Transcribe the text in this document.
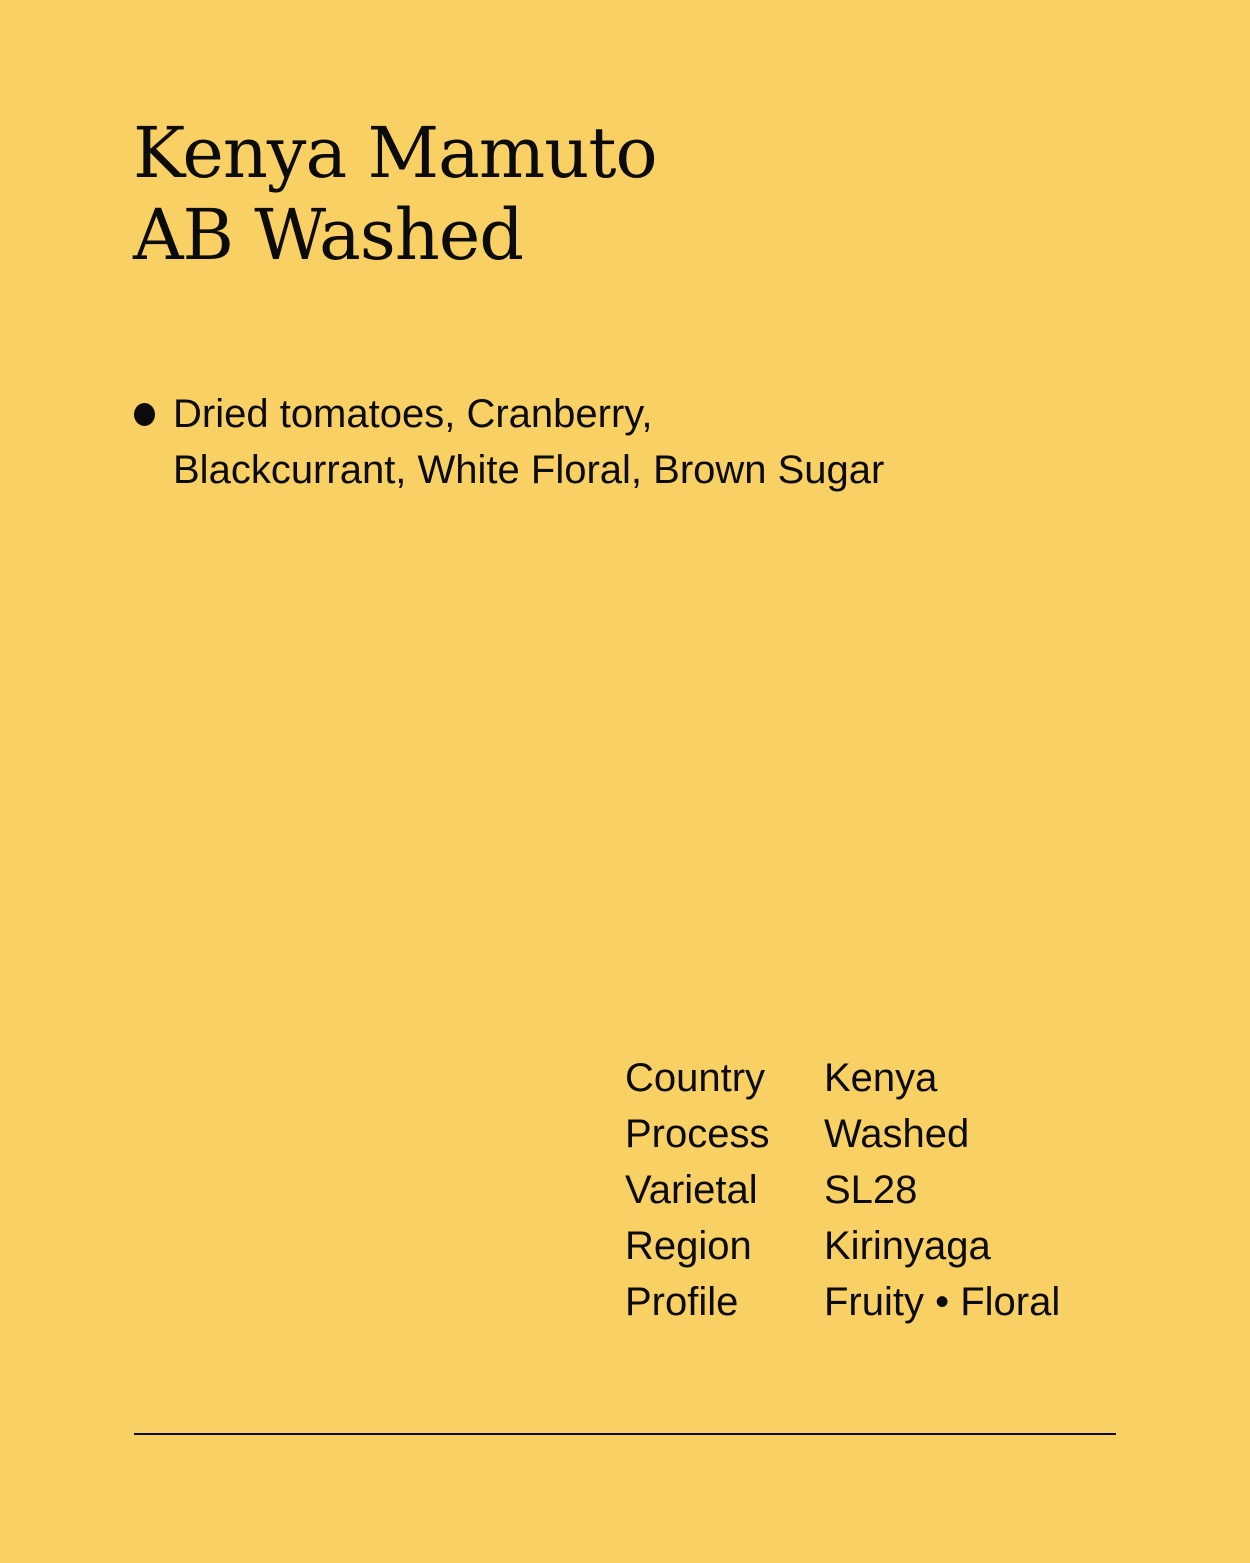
Kenya Mamuto
AB Washed
Dried tomatoes, Cranberry,
Blackcurrant, White Floral, Brown Sugar
Country	Kenya
Process	Washed
Varietal	SL28
Region	Kirinyaga
Profile	Fruity • Floral
